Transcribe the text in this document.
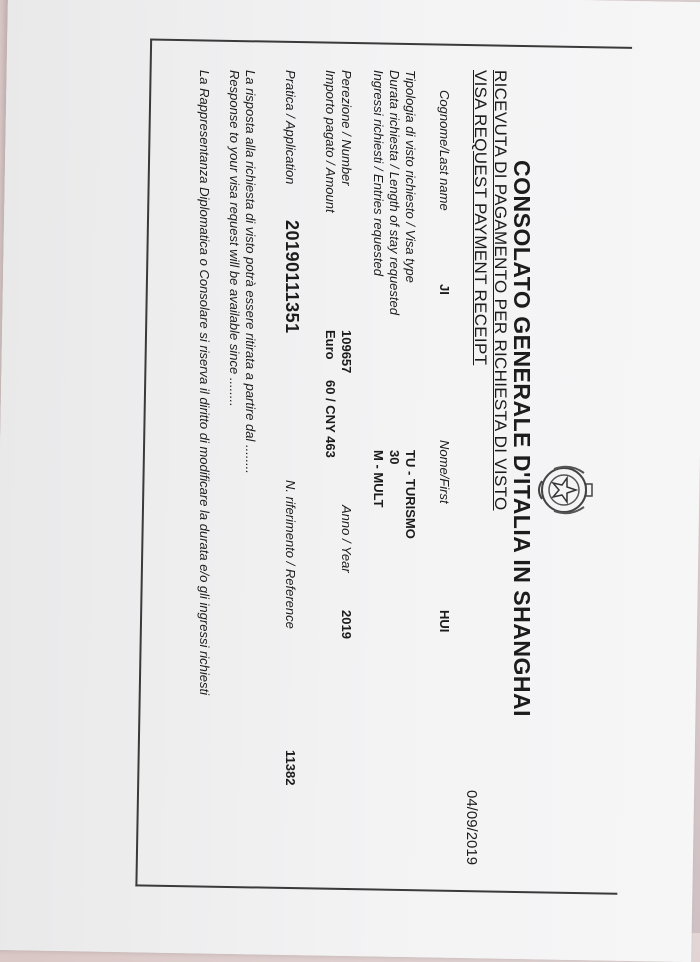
CONSOLATO GENERALE D'ITALIA IN SHANGHAI
04/09/2019
RICEVUTA DI PAGAMENTO PER RICHIESTA DI VISTO
VISA REQUEST PAYMENT RECEIPT
Cognome/Last name
JI
Nome/First
HUI
Tipologia di visto richiesto / Visa type
TU - TURISMO
Durata richiesta / Length of stay requested
30
Ingressi richiesti / Entries requested
M - MULT
Perezione / Number
109657
Anno / Year
2019
Importo pagato / Amount
Euro
60 / CNY 463
Pratica / Application
20190111351
N. riferimento / Reference
11382
La risposta alla richiesta di visto potrà essere ritirata a partire dal ........
Response to your visa request will be available since ........
La Rappresentanza Diplomatica o Consolare si riserva il diritto di modificare la durata e/o gli ingressi richiesti
